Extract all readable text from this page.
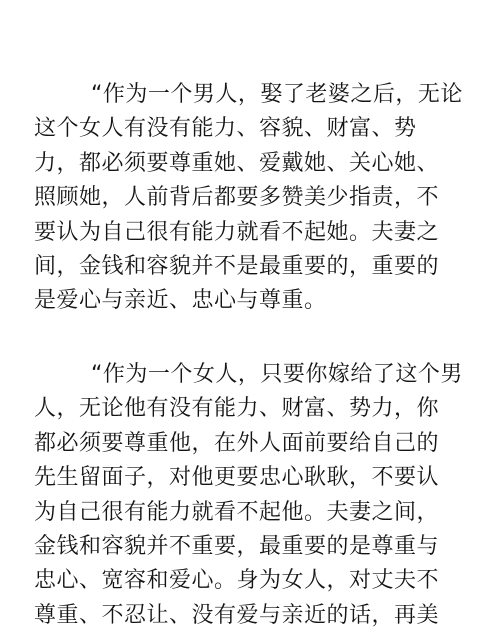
“作为一个男人，娶了老婆之后，无论
这个女人有没有能力、容貌、财富、势
力，都必须要尊重她、爱戴她、关心她、
照顾她，人前背后都要多赞美少指责，不
要认为自己很有能力就看不起她。夫妻之
间，金钱和容貌并不是最重要的，重要的
是爱心与亲近、忠心与尊重。
“作为一个女人，只要你嫁给了这个男
人，无论他有没有能力、财富、势力，你
都必须要尊重他，在外人面前要给自己的
先生留面子，对他更要忠心耿耿，不要认
为自己很有能力就看不起他。夫妻之间，
金钱和容貌并不重要，最重要的是尊重与
忠心、宽容和爱心。身为女人，对丈夫不
尊重、不忍让、没有爱与亲近的话，再美
